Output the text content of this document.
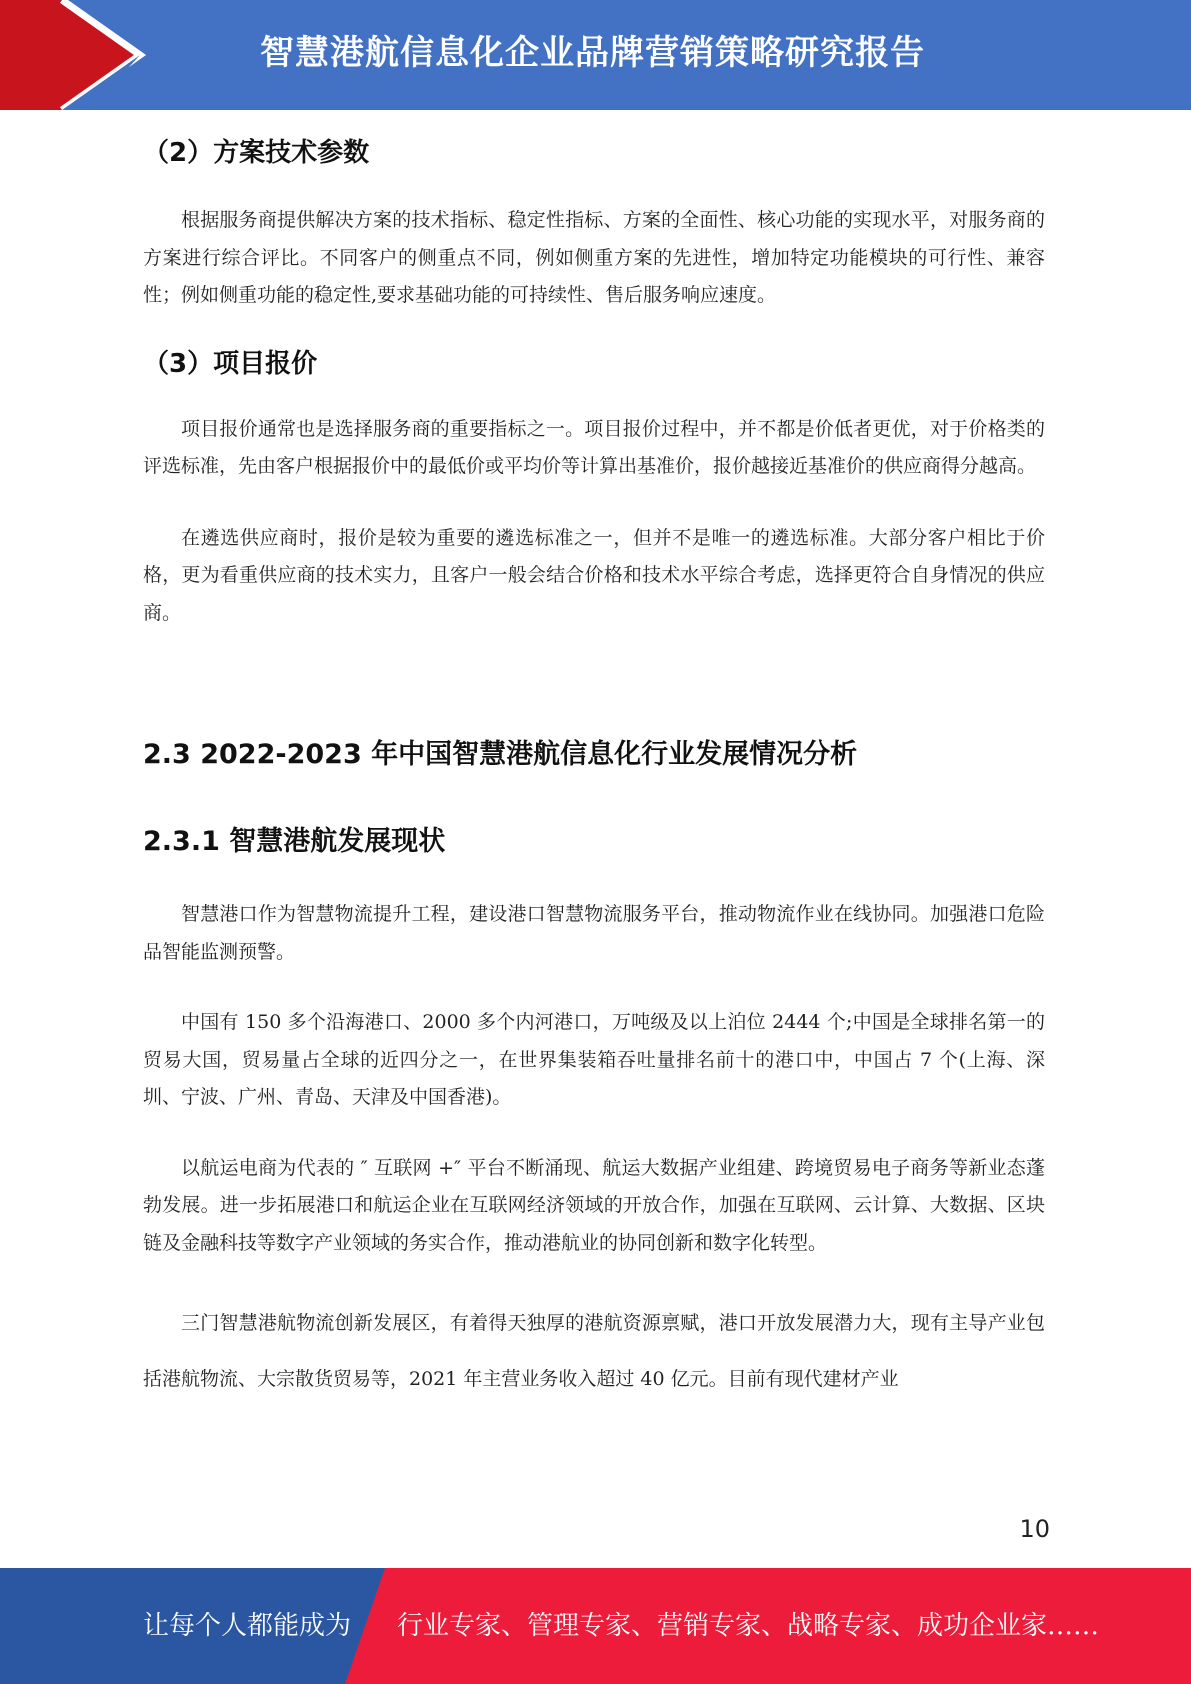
智慧港航信息化企业品牌营销策略研究报告
（2）方案技术参数

根据服务商提供解决方案的技术指标、稳定性指标、方案的全面性、核心功能的实现水平，对服务商的方案进行综合评比。不同客户的侧重点不同，例如侧重方案的先进性，增加特定功能模块的可行性、兼容性；例如侧重功能的稳定性,要求基础功能的可持续性、售后服务响应速度。

（3）项目报价

项目报价通常也是选择服务商的重要指标之一。项目报价过程中，并不都是价低者更优，对于价格类的评选标准，先由客户根据报价中的最低价或平均价等计算出基准价，报价越接近基准价的供应商得分越高。

在遴选供应商时，报价是较为重要的遴选标准之一，但并不是唯一的遴选标准。大部分客户相比于价格，更为看重供应商的技术实力，且客户一般会结合价格和技术水平综合考虑，选择更符合自身情况的供应商。

2.3 2022-2023 年中国智慧港航信息化行业发展情况分析
2.3.1 智慧港航发展现状

智慧港口作为智慧物流提升工程，建设港口智慧物流服务平台，推动物流作业在线协同。加强港口危险品智能监测预警。

中国有 150 多个沿海港口、2000 多个内河港口，万吨级及以上泊位 2444 个;中国是全球排名第一的贸易大国，贸易量占全球的近四分之一，在世界集装箱吞吐量排名前十的港口中，中国占 7 个(上海、深圳、宁波、广州、青岛、天津及中国香港)。

以航运电商为代表的 ″ 互联网 +″ 平台不断涌现、航运大数据产业组建、跨境贸易电子商务等新业态蓬勃发展。进一步拓展港口和航运企业在互联网经济领域的开放合作，加强在互联网、云计算、大数据、区块链及金融科技等数字产业领域的务实合作，推动港航业的协同创新和数字化转型。

三门智慧港航物流创新发展区，有着得天独厚的港航资源禀赋，港口开放发展潜力大，现有主导产业包括港航物流、大宗散货贸易等，2021 年主营业务收入超过 40 亿元。目前有现代建材产业

10
让每个人都能成为 行业专家、管理专家、营销专家、战略专家、成功企业家……
